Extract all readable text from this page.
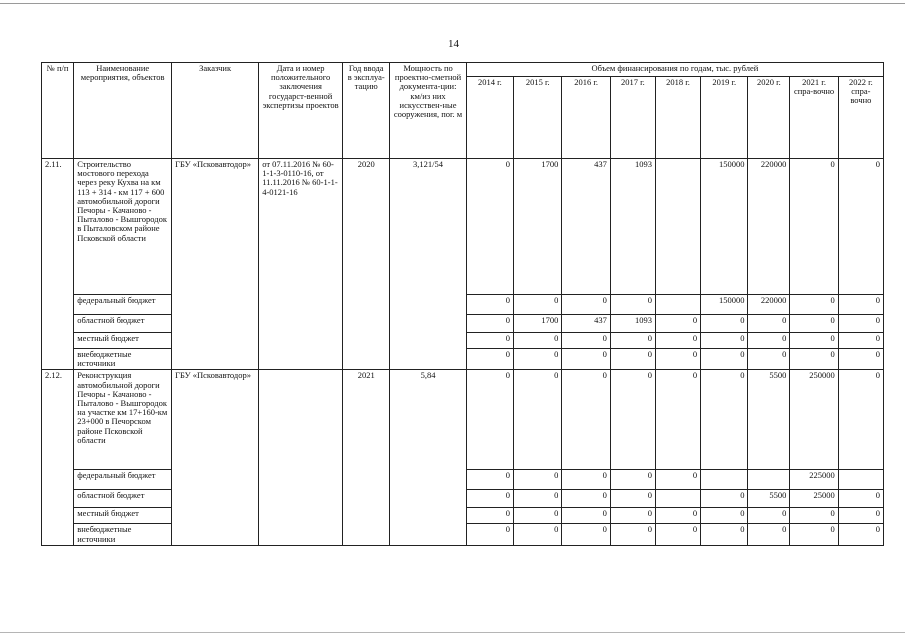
14
№ п/п	Наименование мероприятия, объектов	Заказчик	Дата и номер положительного заключения государст-венной экспертизы проектов	Год ввода в эксплуа-тацию	Мощность по проектно-сметной документа-ции: км/из них искусствен-ные сооружения, пог. м	Объем финансирования по годам, тыс. рублей								
						2014 г.	2015 г.	2016 г.	2017 г.	2018 г.	2019 г.	2020 г.	2021 г. спра-вочно	2022 г. спра-вочно
2.11.	Строительство мостового перехода через реку Кухва на км 113 + 314 - км 117 + 600 автомобильной дороги Печоры - Качаново - Пыталово - Вышгородок в Пыталовском районе Псковской области	ГБУ «Псковавтодор»	от 07.11.2016 № 60-1-1-3-0110-16, от 11.11.2016 № 60-1-1-4-0121-16	2020	3,121/54	0	1700	437	1093		150000	220000	0	0
	федеральный бюджет					0	0	0	0		150000	220000	0	0
	областной бюджет					0	1700	437	1093	0	0	0	0	0
	местный бюджет					0	0	0	0	0	0	0	0	0
	внебюджетные источники					0	0	0	0	0	0	0	0	0
2.12.	Реконструкция автомобильной дороги Печоры - Качаново - Пыталово - Вышгородок на участке км 17+160-км 23+000 в Печорском районе Псковской области	ГБУ «Псковавтодор»		2021	5,84	0	0	0	0	0	0	5500	250000	0
	федеральный бюджет					0	0	0	0	0			225000	
	областной бюджет					0	0	0	0		0	5500	25000	0
	местный бюджет					0	0	0	0	0	0	0	0	0
	внебюджетные источники					0	0	0	0	0	0	0	0	0
